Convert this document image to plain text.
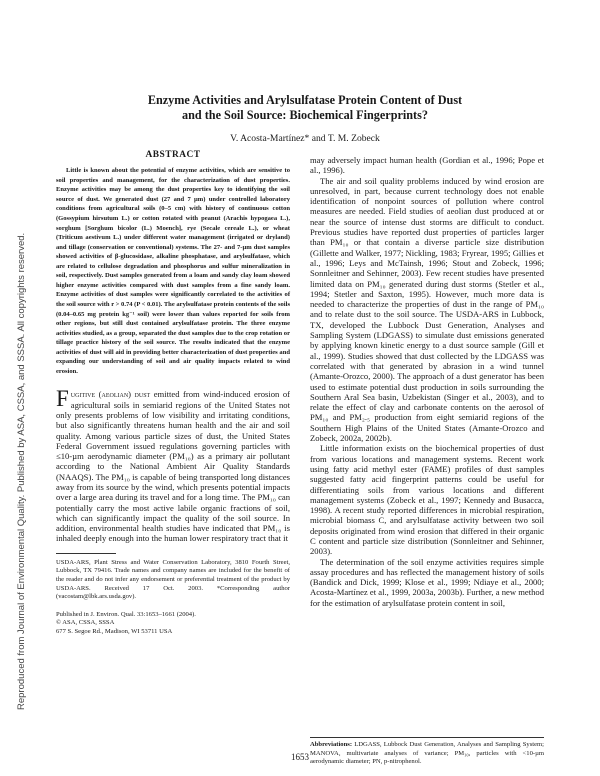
Reproduced from Journal of Environmental Quality. Published by ASA, CSSA, and SSSA. All copyrights reserved.
Enzyme Activities and Arylsulfatase Protein Content of Dust
and the Soil Source: Biochemical Fingerprints?
V. Acosta-Martínez* and T. M. Zobeck
ABSTRACT

Little is known about the potential of enzyme activities, which are sensitive to soil properties and management, for the characterization of dust properties. Enzyme activities may be among the dust properties key to identifying the soil source of dust. We generated dust (27 and 7 µm) under controlled laboratory conditions from agricultural soils (0–5 cm) with history of continuous cotton (Gossypium hirsutum L.) or cotton rotated with peanut (Arachis hypogaea L.), sorghum [Sorghum bicolor (L.) Moench], rye (Secale cereale L.), or wheat (Triticum aestivum L.) under different water management (irrigated or dryland) and tillage (conservation or conventional) systems. The 27- and 7-µm dust samples showed activities of β-glucosidase, alkaline phosphatase, and arylsulfatase, which are related to cellulose degradation and phosphorus and sulfur mineralization in soil, respectively. Dust samples generated from a loam and sandy clay loam showed higher enzyme activities compared with dust samples from a fine sandy loam. Enzyme activities of dust samples were significantly correlated to the activities of the soil source with r > 0.74 (P < 0.01). The arylsulfatase protein contents of the soils (0.04–0.65 mg protein kg⁻¹ soil) were lower than values reported for soils from other regions, but still dust contained arylsulfatase protein. The three enzyme activities studied, as a group, separated the dust samples due to the crop rotation or tillage practice history of the soil source. The results indicated that the enzyme activities of dust will aid in providing better characterization of dust properties and expanding our understanding of soil and air quality impacts related to wind erosion.

Fugitive (aeolian) dust emitted from wind-induced erosion of agricultural soils in semiarid regions of the United States not only presents problems of low visibility and irritating conditions, but also significantly threatens human health and the air and soil quality. Among various particle sizes of dust, the United States Federal Government issued regulations governing particles with ≤10-µm aerodynamic diameter (PM₁₀) as a primary air pollutant according to the National Ambient Air Quality Standards (NAAQS). The PM₁₀ is capable of being transported long distances away from its source by the wind, which presents potential impacts over a large area during its travel and for a long time. The PM₁₀ can potentially carry the most active labile organic fractions of soil, which can significantly impact the quality of the soil source. In addition, environmental health studies have indicated that PM₁₀ is inhaled deeply enough into the human lower respiratory tract that it

USDA-ARS, Plant Stress and Water Conservation Laboratory, 3810 Fourth Street, Lubbock, TX 79416. Trade names and company names are included for the benefit of the reader and do not infer any endorsement or preferential treatment of the product by USDA-ARS. Received 17 Oct. 2003. *Corresponding author (vacostam@lbk.ars.usda.gov).

Published in J. Environ. Qual. 33:1653–1661 (2004).
© ASA, CSSA, SSSA
677 S. Segoe Rd., Madison, WI 53711 USA

may adversely impact human health (Gordian et al., 1996; Pope et al., 1996).

The air and soil quality problems induced by wind erosion are unresolved, in part, because current technology does not enable identification of nonpoint sources of pollution where control measures are needed. Field studies of aeolian dust produced at or near the source of intense dust storms are difficult to conduct. Previous studies have reported dust properties of particles larger than PM₁₀ or that contain a diverse particle size distribution (Gillette and Walker, 1977; Nickling, 1983; Fryrear, 1995; Gillies et al., 1996; Leys and McTainsh, 1996; Stout and Zobeck, 1996; Sonnleitner and Sehinner, 2003). Few recent studies have presented limited data on PM₁₀ generated during dust storms (Stetler et al., 1994; Stetler and Saxton, 1995). However, much more data is needed to characterize the properties of dust in the range of PM₁₀ and to relate dust to the soil source. The USDA-ARS in Lubbock, TX, developed the Lubbock Dust Generation, Analyses and Sampling System (LDGASS) to simulate dust emissions generated by applying known kinetic energy to a dust source sample (Gill et al., 1999). Studies showed that dust collected by the LDGASS was correlated with that generated by abrasion in a wind tunnel (Amante-Orozco, 2000). The approach of a dust generator has been used to estimate potential dust production in soils surrounding the Southern Aral Sea basin, Uzbekistan (Singer et al., 2003), and to relate the effect of clay and carbonate contents on the aerosol of PM₁₀ and PM₂.₅ production from eight semiarid regions of the Southern High Plains of the United States (Amante-Orozco and Zobeck, 2002a, 2002b).

Little information exists on the biochemical properties of dust from various locations and management systems. Recent work using fatty acid methyl ester (FAME) profiles of dust samples suggested fatty acid fingerprint patterns could be useful for differentiating soils from various locations and different management systems (Zobeck et al., 1997; Kennedy and Busacca, 1998). A recent study reported differences in microbial respiration, microbial biomass C, and arylsulfatase activity between two soil deposits originated from wind erosion that differed in their organic C content and particle size distribution (Sonnleitner and Sehinner, 2003).

The determination of the soil enzyme activities requires simple assay procedures and has reflected the management history of soils (Bandick and Dick, 1999; Klose et al., 1999; Ndiaye et al., 2000; Acosta-Martínez et al., 1999, 2003a, 2003b). Further, a new method for the estimation of arylsulfatase protein content in soil,

Abbreviations: LDGASS, Lubbock Dust Generation, Analyses and Sampling System; MANOVA, multivariate analyses of variance; PM₁₀, particles with <10-µm aerodynamic diameter; PN, p-nitrophenol.
1653
